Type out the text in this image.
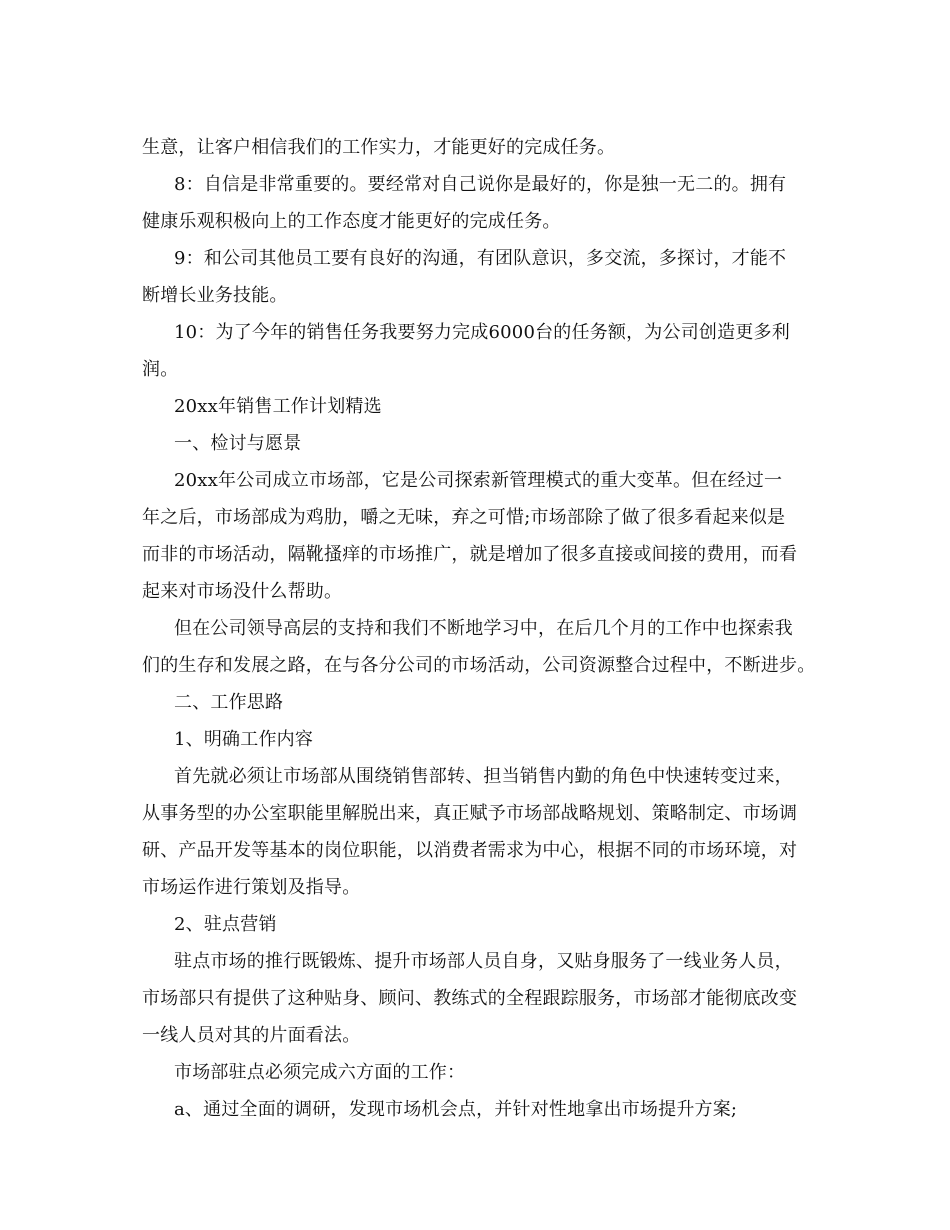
生意，让客户相信我们的工作实力，才能更好的完成任务。
8：自信是非常重要的。要经常对自己说你是最好的，你是独一无二的。拥有
健康乐观积极向上的工作态度才能更好的完成任务。
9：和公司其他员工要有良好的沟通，有团队意识，多交流，多探讨，才能不
断增长业务技能。
10：为了今年的销售任务我要努力完成6000台的任务额，为公司创造更多利
润。
20xx年销售工作计划精选
一、检讨与愿景
20xx年公司成立市场部，它是公司探索新管理模式的重大变革。但在经过一
年之后，市场部成为鸡肋，嚼之无味，弃之可惜;市场部除了做了很多看起来似是
而非的市场活动，隔靴搔痒的市场推广，就是增加了很多直接或间接的费用，而看
起来对市场没什么帮助。
但在公司领导高层的支持和我们不断地学习中，在后几个月的工作中也探索我
们的生存和发展之路，在与各分公司的市场活动，公司资源整合过程中，不断进步。
二、工作思路
1、明确工作内容
首先就必须让市场部从围绕销售部转、担当销售内勤的角色中快速转变过来，
从事务型的办公室职能里解脱出来，真正赋予市场部战略规划、策略制定、市场调
研、产品开发等基本的岗位职能，以消费者需求为中心，根据不同的市场环境，对
市场运作进行策划及指导。
2、驻点营销
驻点市场的推行既锻炼、提升市场部人员自身，又贴身服务了一线业务人员，
市场部只有提供了这种贴身、顾问、教练式的全程跟踪服务，市场部才能彻底改变
一线人员对其的片面看法。
市场部驻点必须完成六方面的工作：
a、通过全面的调研，发现市场机会点，并针对性地拿出市场提升方案;
